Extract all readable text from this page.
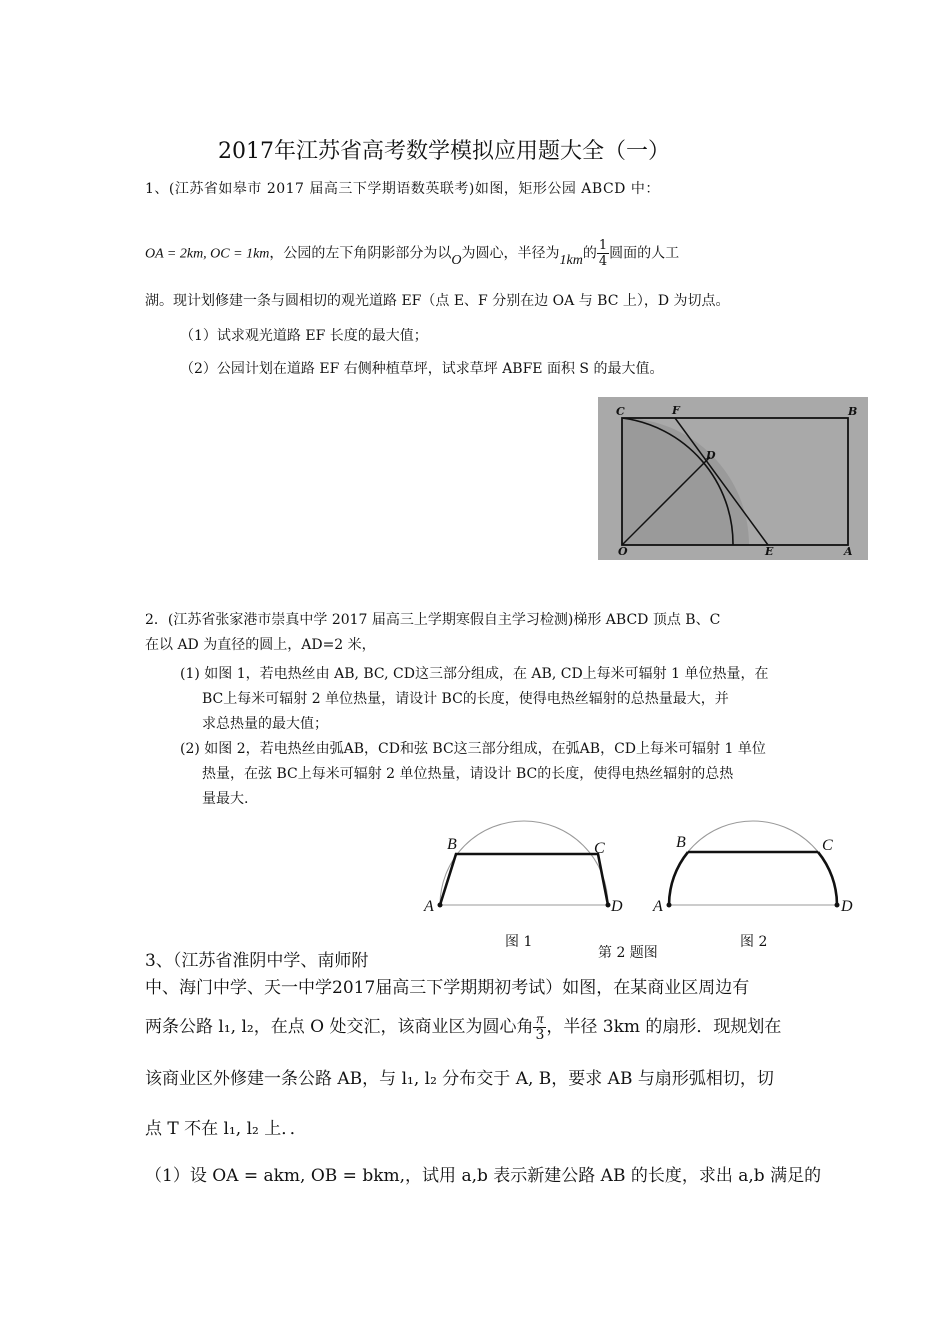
2017年江苏省高考数学模拟应用题大全（一）
1、(江苏省如皋市 2017 届高三下学期语数英联考)如图，矩形公园 ABCD 中：
OA = 2km, OC = 1km，公园的左下角阴影部分为以O为圆心，半径为1km的 $\frac{1}{4}$ 圆面的人工
湖。现计划修建一条与圆相切的观光道路 EF（点 E、F 分别在边 OA 与 BC 上），D 为切点。
（1）试求观光道路 EF 长度的最大值；
（2）公园计划在道路 EF 右侧种植草坪，试求草坪 ABFE 面积 S 的最大值。
C	F	B
D
O	E	A
2．(江苏省张家港市崇真中学 2017 届高三上学期寒假自主学习检测)梯形 ABCD 顶点 B、C
在以 AD 为直径的圆上，AD=2 米，
(1) 如图 1，若电热丝由 AB, BC, CD这三部分组成，在 AB, CD上每米可辐射 1 单位热量，在
BC上每米可辐射 2 单位热量，请设计 BC的长度，使得电热丝辐射的总热量最大，并
求总热量的最大值；
(2) 如图 2，若电热丝由弧AB，CD和弦 BC这三部分组成，在弧AB，CD上每米可辐射 1 单位
热量，在弦 BC上每米可辐射 2 单位热量，请设计 BC的长度，使得电热丝辐射的总热
量最大.
A
B	C
D A
B	C
D
图 1
第 2 题图
图 2
3、（江苏省淮阴中学、南师附
中、海门中学、天一中学2017届高三下学期期初考试）如图，在某商业区周边有
两条公路 l₁, l₂，在点 O 处交汇，该商业区为圆心角 $\frac{\pi}{3}$ ，半径 3km 的扇形．现规划在
该商业区外修建一条公路 AB，与 l₁, l₂ 分布交于 A, B，要求 AB 与扇形弧相切，切
点 T 不在 l₁, l₂ 上．．
（1）设 OA = akm, OB = bkm,，试用 a,b 表示新建公路 AB 的长度，求出 a,b 满足的
